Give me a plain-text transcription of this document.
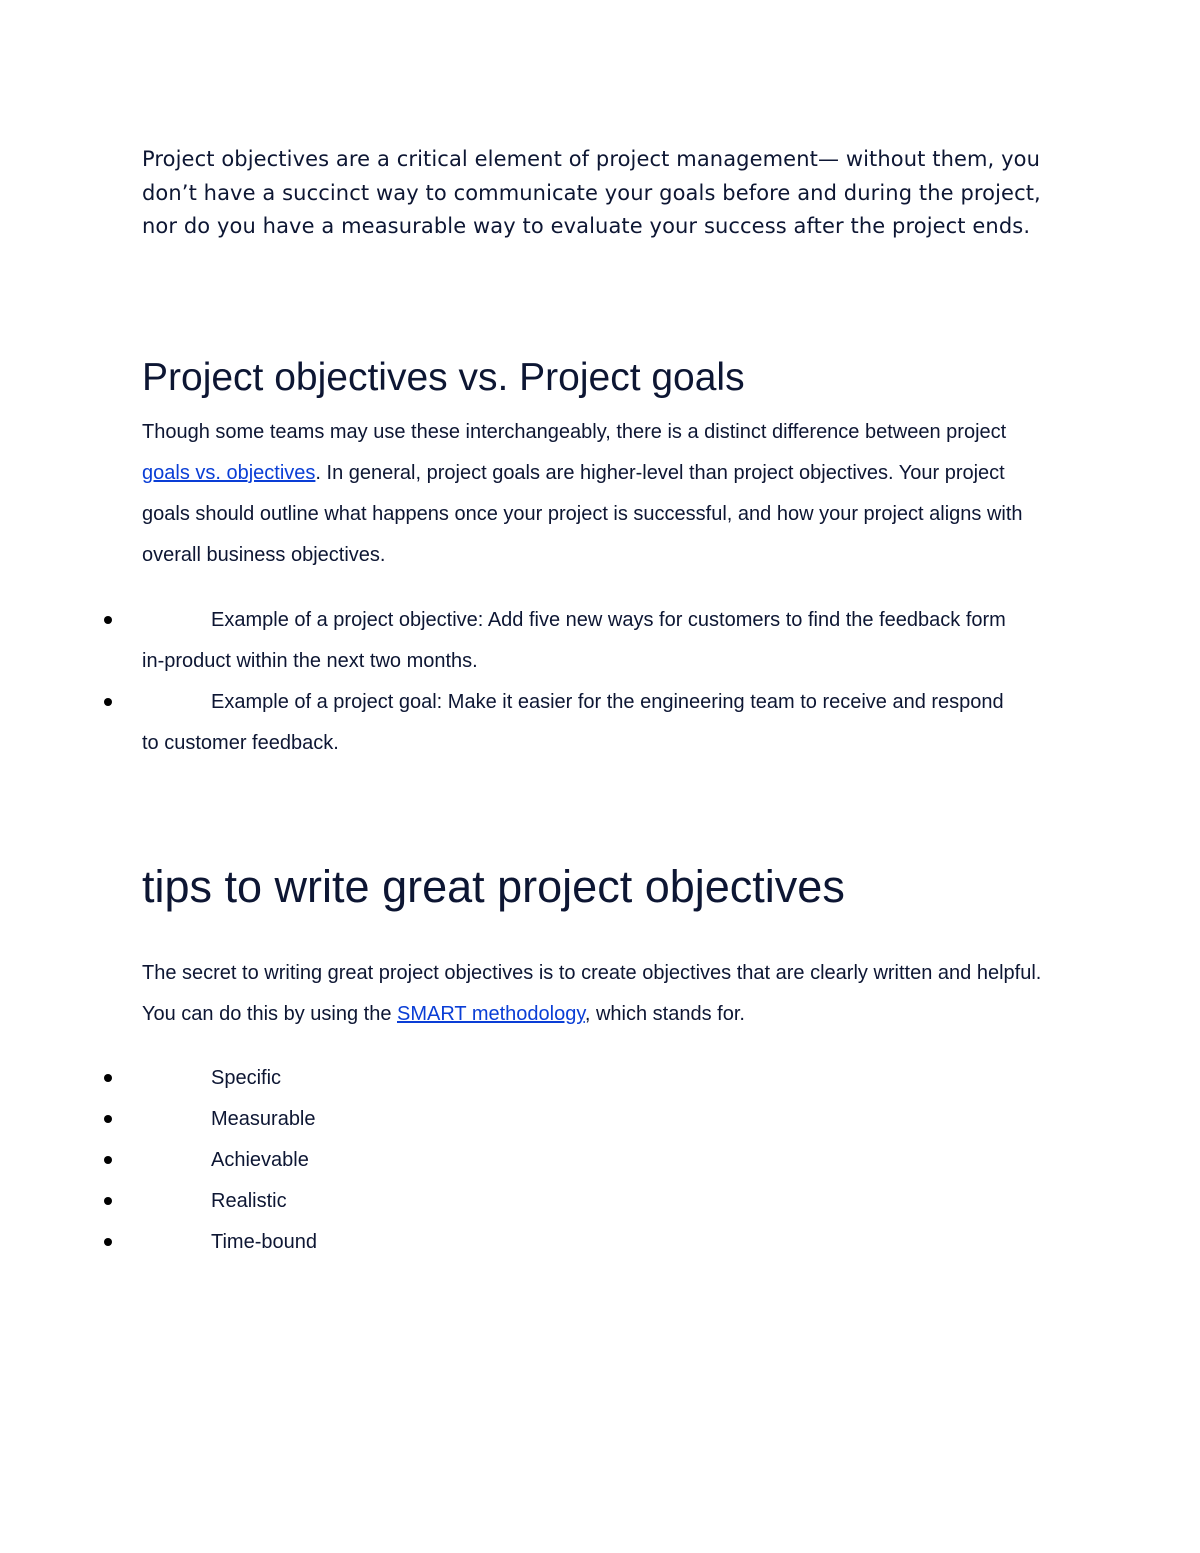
Project objectives are a critical element of project management— without them, you don’t have a succinct way to communicate your goals before and during the project, nor do you have a measurable way to evaluate your success after the project ends.

Project objectives vs. Project goals

Though some teams may use these interchangeably, there is a distinct difference between project goals vs. objectives. In general, project goals are higher-level than project objectives. Your project goals should outline what happens once your project is successful, and how your project aligns with overall business objectives.

Example of a project objective: Add five new ways for customers to find the feedback form in-product within the next two months.
Example of a project goal: Make it easier for the engineering team to receive and respond to customer feedback.
tips to write great project objectives

The secret to writing great project objectives is to create objectives that are clearly written and helpful. You can do this by using the SMART methodology, which stands for.

Specific
Measurable
Achievable
Realistic
Time-bound
